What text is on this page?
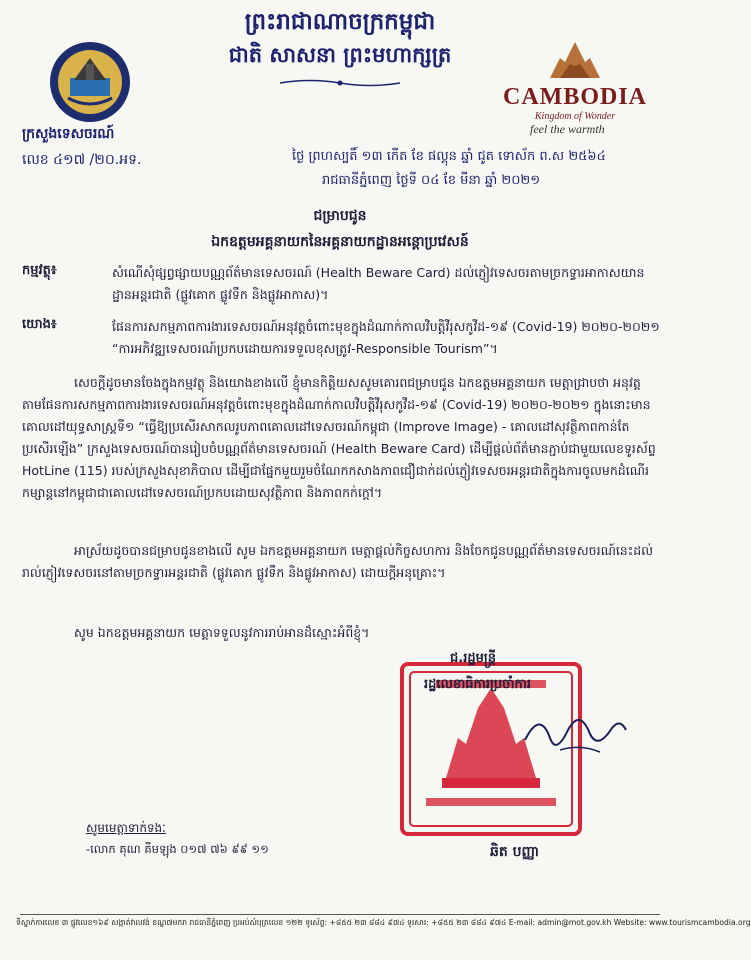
ព្រះរាជាណាចក្រកម្ពុជា
ជាតិ សាសនា ព្រះមហាក្សត្រ
CAMBODIA
Kingdom of Wonder
feel the warmth
ក្រសួងទេសចរណ៍
លេខ ៤១៧ /២០.អទ.	ថ្ងៃ ព្រហស្បតិ៍ ១៣ កើត ខែ ផល្គុន ឆ្នាំ ជូត ទោស័ក ព.ស ២៥៦៤
រាជធានីភ្នំពេញ ថ្ងៃទី ០៤ ខែ មីនា ឆ្នាំ ២០២១
ជម្រាបជូន
ឯកឧត្តមអគ្គនាយកនៃអគ្គនាយកដ្ឋានអន្តោប្រវេសន៍
កម្មវត្ថុ៖	សំណើសុំផ្សព្វផ្សាយបណ្ណព័ត៌មានទេសចរណ៍ (Health Beware Card) ដល់ភ្ញៀវទេសចរតាមច្រកទ្វារអាកាសយានដ្ឋានអន្តរជាតិ (ផ្លូវគោក ផ្លូវទឹក និងផ្លូវអាកាស)។
យោង៖	ផែនការសកម្មភាពការងារទេសចរណ៍អនុវត្តចំពោះមុខក្នុងដំណាក់កាលវិបត្តិវីរុសកូវីដ-១៩ (Covid-19) ២០២០-២០២១ “ការអភិវឌ្ឍទេសចរណ៍ប្រកបដោយការទទួលខុសត្រូវ-Responsible Tourism”។
សេចក្តីដូចមានចែងក្នុងកម្មវត្ថុ និងយោងខាងលើ ខ្ញុំមានកិត្តិយសសូមគោរពជម្រាបជូន ឯកឧត្តមអគ្គនាយក មេត្តាជ្រាបថា អនុវត្តតាមផែនការសកម្មភាពការងារទេសចរណ៍អនុវត្តចំពោះមុខក្នុងដំណាក់កាលវិបត្តិវីរុសកូវីដ-១៩ (Covid-19) ២០២០-២០២១ ក្នុងនោះមានគោលដៅយុទ្ធសាស្ត្រទី១ “ធ្វើឱ្យប្រសើរសាកលរូបភាពគោលដៅទេសចរណ៍កម្ពុជា (Improve Image) - គោលដៅសុវត្ថិភាពកាន់តែប្រសើរឡើង” ក្រសួងទេសចរណ៍បានរៀបចំបណ្ណព័ត៌មានទេសចរណ៍ (Health Beware Card) ដើម្បីផ្តល់ព័ត៌មានភ្ជាប់ជាមួយលេខទូរស័ព្ទ HotLine (115) របស់ក្រសួងសុខាភិបាល ដើម្បីជាផ្នែកមួយរួមចំណែកកសាងភាពជឿជាក់ដល់ភ្ញៀវទេសចរអន្តរជាតិក្នុងការចូលមកដំណើរកម្សាន្តនៅកម្ពុជាជាគោលដៅទេសចរណ៍ប្រកបដោយសុវត្ថិភាព និងភាពកក់ក្តៅ។
អាស្រ័យដូចបានជម្រាបជូនខាងលើ សូម ឯកឧត្តមអគ្គនាយក មេត្តាផ្តល់កិច្ចសហការ និងចែកជូនបណ្ណព័ត៌មានទេសចរណ៍នេះដល់រាល់ភ្ញៀវទេសចរនៅតាមច្រកទ្វារអន្តរជាតិ (ផ្លូវគោក ផ្លូវទឹក និងផ្លូវអាកាស) ដោយក្តីអនុគ្រោះ។
សូម ឯកឧត្តមអគ្គនាយក មេត្តាទទួលនូវការរាប់អានដ៏ស្មោះអំពីខ្ញុំ។
ជ.រដ្ឋមន្ត្រី
រដ្ឋលេខាធិការប្រចាំការ
ឆិត បញ្ញា
សូមមេត្តាទាក់ទងៈ
-លោក គុណ គីមឡុង ០១៧ ៧៦ ៩៩ ១១
ទីស្នាក់ការលេខ ៣ ផ្លូវលេខ១៦៩ សង្កាត់វាលវង់ ខណ្ឌ៧មករា រាជធានីភ្នំពេញ ប្រអប់សំបុត្រលេខ ១២២ ទូរស័ព្ទ: +៨៥៥ ២៣ ៨៨៤ ៩៧៤ ទូរសារ: +៨៥៥ ២៣ ៨៨៤ ៩៧៤ E-mail: admin@mot.gov.kh Website: www.tourismcambodia.org
